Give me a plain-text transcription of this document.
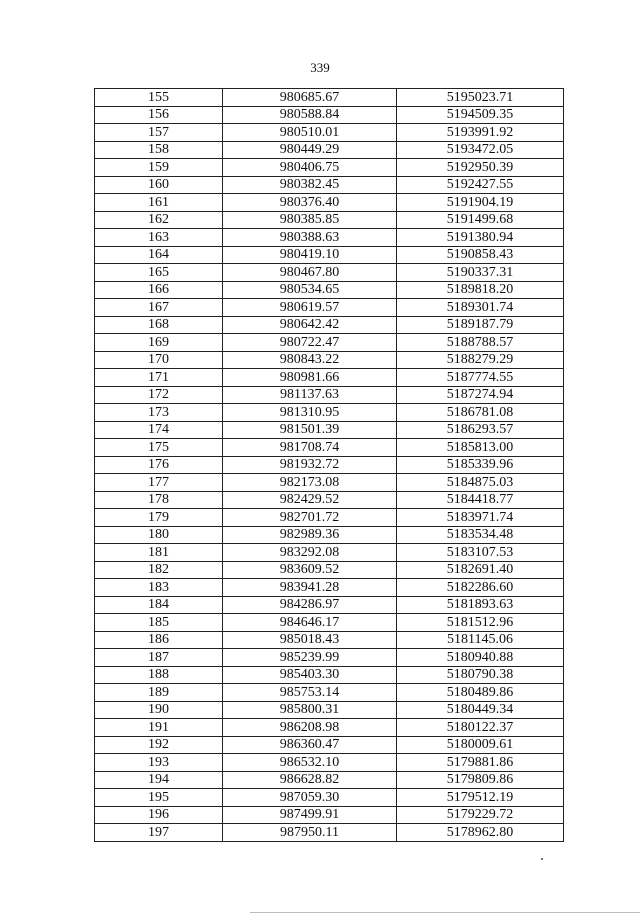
339
155	980685.67	5195023.71
156	980588.84	5194509.35
157	980510.01	5193991.92
158	980449.29	5193472.05
159	980406.75	5192950.39
160	980382.45	5192427.55
161	980376.40	5191904.19
162	980385.85	5191499.68
163	980388.63	5191380.94
164	980419.10	5190858.43
165	980467.80	5190337.31
166	980534.65	5189818.20
167	980619.57	5189301.74
168	980642.42	5189187.79
169	980722.47	5188788.57
170	980843.22	5188279.29
171	980981.66	5187774.55
172	981137.63	5187274.94
173	981310.95	5186781.08
174	981501.39	5186293.57
175	981708.74	5185813.00
176	981932.72	5185339.96
177	982173.08	5184875.03
178	982429.52	5184418.77
179	982701.72	5183971.74
180	982989.36	5183534.48
181	983292.08	5183107.53
182	983609.52	5182691.40
183	983941.28	5182286.60
184	984286.97	5181893.63
185	984646.17	5181512.96
186	985018.43	5181145.06
187	985239.99	5180940.88
188	985403.30	5180790.38
189	985753.14	5180489.86
190	985800.31	5180449.34
191	986208.98	5180122.37
192	986360.47	5180009.61
193	986532.10	5179881.86
194	986628.82	5179809.86
195	987059.30	5179512.19
196	987499.91	5179229.72
197	987950.11	5178962.80
